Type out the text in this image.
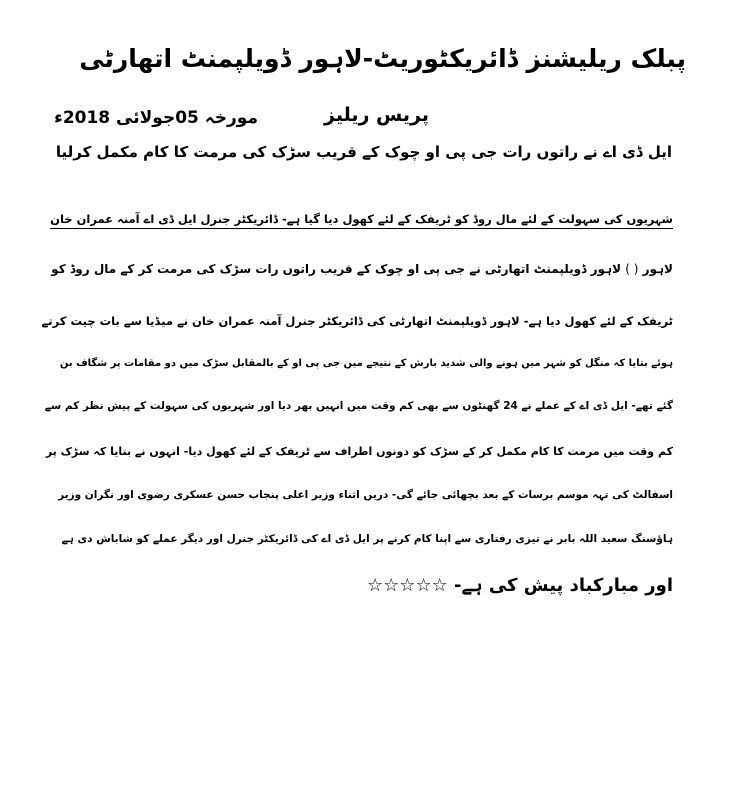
پبلک ریلیشنز ڈائریکٹوریٹ-لاہور ڈویلپمنٹ اتھارٹی
پریس ریلیز
مورخہ 05جولائی 2018ء
ایل ڈی اے نے راتوں رات جی پی او چوک کے قریب سڑک کی مرمت کا کام مکمل کرلیا
شہریوں کی سہولت کے لئے مال روڈ کو ٹریفک کے لئے کھول دیا گیا ہے- ڈائریکٹر جنرل ایل ڈی اے آمنہ عمران خان
لاہور ( ) لاہور ڈویلپمنٹ اتھارٹی نے جی پی او چوک کے قریب راتوں رات سڑک کی مرمت کر کے مال روڈ کو
ٹریفک کے لئے کھول دیا ہے- لاہور ڈویلپمنٹ اتھارٹی کی ڈائریکٹر جنرل آمنہ عمران خان نے میڈیا سے بات چیت کرتے
ہوئے بتایا کہ منگل کو شہر میں ہونے والی شدید بارش کے نتیجے میں جی پی او کے بالمقابل سڑک میں دو مقامات پر شگاف بن
گئے تھے- ایل ڈی اے کے عملے نے 24 گھنٹوں سے بھی کم وقت میں انہیں بھر دیا اور شہریوں کی سہولت کے پیش نظر کم سے
کم وقت میں مرمت کا کام مکمل کر کے سڑک کو دونوں اطراف سے ٹریفک کے لئے کھول دیا- انہوں نے بتایا کہ سڑک پر
اسفالٹ کی تہہ موسم برسات کے بعد بچھائی جائے گی- دریں اثناء وزیر اعلی پنجاب حسن عسکری رضوی اور نگران وزیر
ہاؤسنگ سعید اللہ بابر نے تیزی رفتاری سے اپنا کام کرنے پر ایل ڈی اے کی ڈائریکٹر جنرل اور دیگر عملے کو شاباش دی ہے
اور مبارکباد پیش کی ہے- ☆☆☆☆☆
